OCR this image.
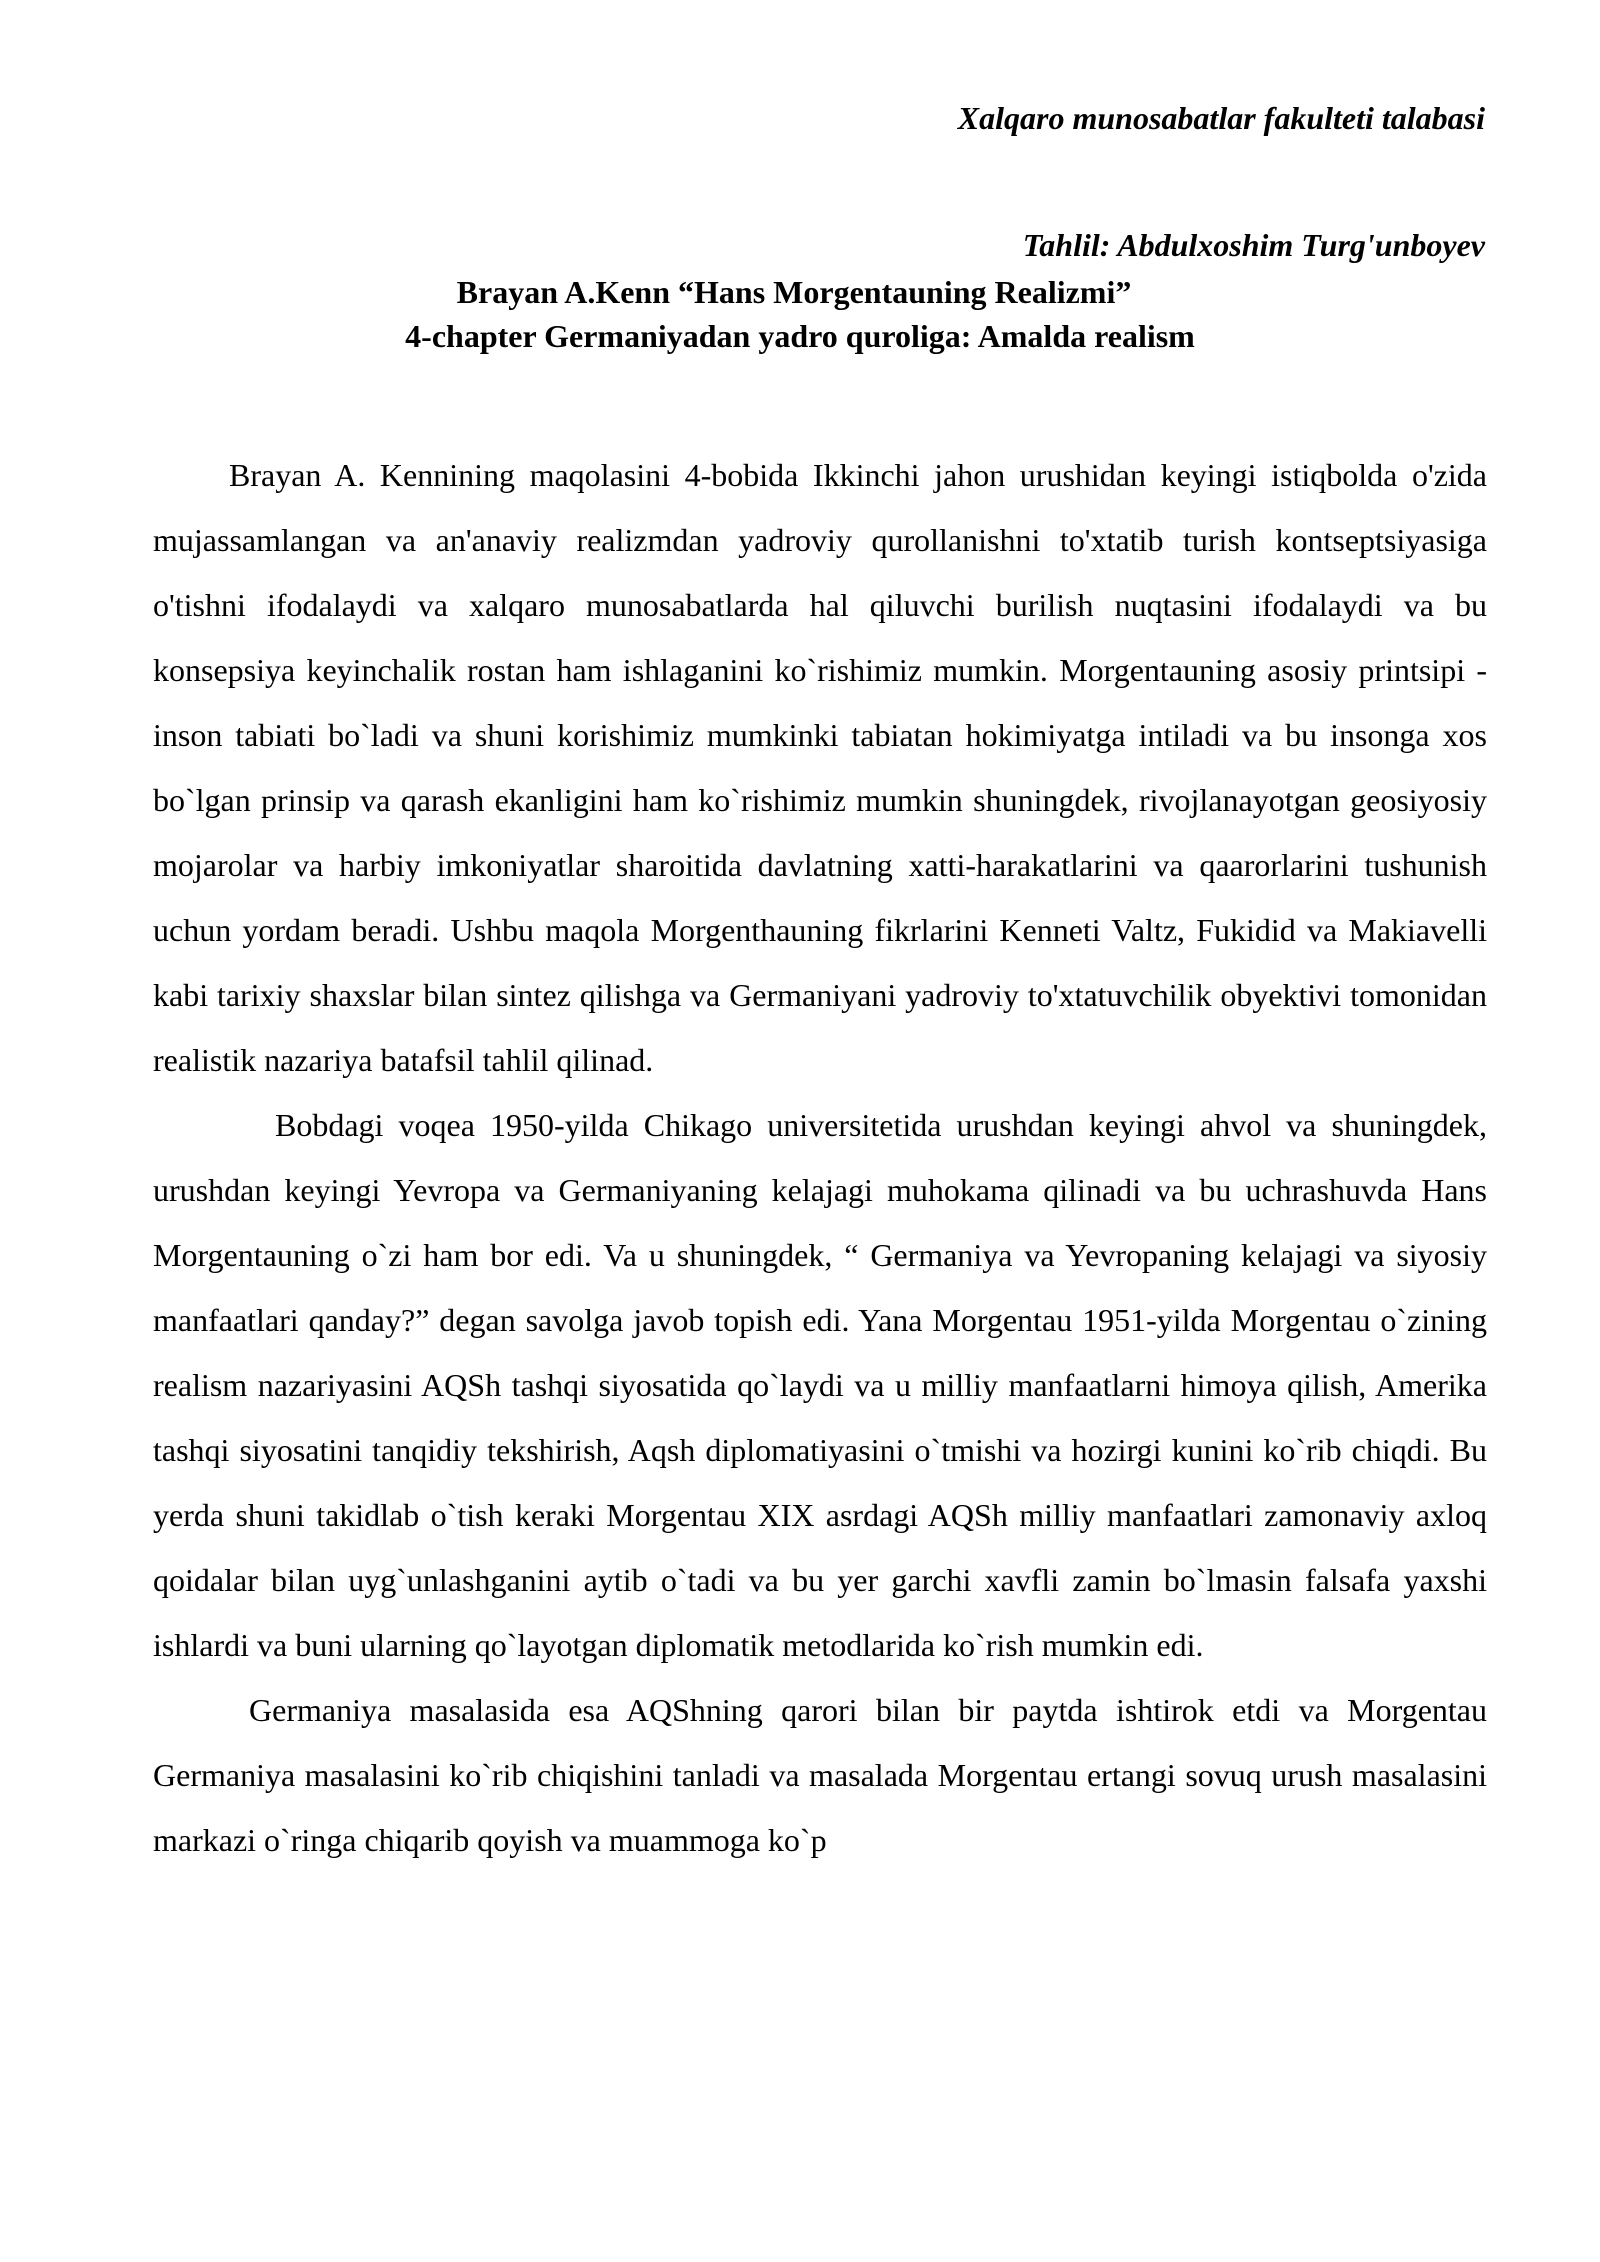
Xalqaro munosabatlar fakulteti talabasi
Tahlil: Abdulxoshim Turg'unboyev
Brayan A.Kenn “Hans Morgentauning Realizmi”
4-chapter Germaniyadan yadro quroliga: Amalda realism

Brayan A. Kennining maqolasini 4-bobida Ikkinchi jahon urushidan keyingi istiqbolda o'zida mujassamlangan va an'anaviy realizmdan yadroviy qurollanishni to'xtatib turish kontseptsiyasiga o'tishni ifodalaydi va xalqaro munosabatlarda hal qiluvchi burilish nuqtasini ifodalaydi va bu konsepsiya keyinchalik rostan ham ishlaganini ko`rishimiz mumkin. Morgentauning asosiy printsipi - inson tabiati bo`ladi va shuni korishimiz mumkinki tabiatan hokimiyatga intiladi va bu insonga xos bo`lgan prinsip va qarash ekanligini ham ko`rishimiz mumkin shuningdek, rivojlanayotgan geosiyosiy mojarolar va harbiy imkoniyatlar sharoitida davlatning xatti-harakatlarini va qaarorlarini tushunish uchun yordam beradi. Ushbu maqola Morgenthauning fikrlarini Kenneti Valtz, Fukidid va Makiavelli kabi tarixiy shaxslar bilan sintez qilishga va Germaniyani yadroviy to'xtatuvchilik obyektivi tomonidan realistik nazariya batafsil tahlil qilinad.

Bobdagi voqea 1950-yilda Chikago universitetida urushdan keyingi ahvol va shuningdek, urushdan keyingi Yevropa va Germaniyaning kelajagi muhokama qilinadi va bu uchrashuvda Hans Morgentauning o`zi ham bor edi. Va u shuningdek, “ Germaniya va Yevropaning kelajagi va siyosiy manfaatlari qanday?” degan savolga javob topish edi. Yana Morgentau 1951-yilda Morgentau o`zining realism nazariyasini AQSh tashqi siyosatida qo`laydi va u milliy manfaatlarni himoya qilish, Amerika tashqi siyosatini tanqidiy tekshirish, Aqsh diplomatiyasini o`tmishi va hozirgi kunini ko`rib chiqdi. Bu yerda shuni takidlab o`tish keraki Morgentau XIX asrdagi AQSh milliy manfaatlari zamonaviy axloq qoidalar bilan uyg`unlashganini aytib o`tadi va bu yer garchi xavfli zamin bo`lmasin falsafa yaxshi ishlardi va buni ularning qo`layotgan diplomatik metodlarida ko`rish mumkin edi.

Germaniya masalasida esa AQShning qarori bilan bir paytda ishtirok etdi va Morgentau Germaniya masalasini ko`rib chiqishini tanladi va masalada Morgentau ertangi sovuq urush masalasini markazi o`ringa chiqarib qoyish va muammoga ko`p
